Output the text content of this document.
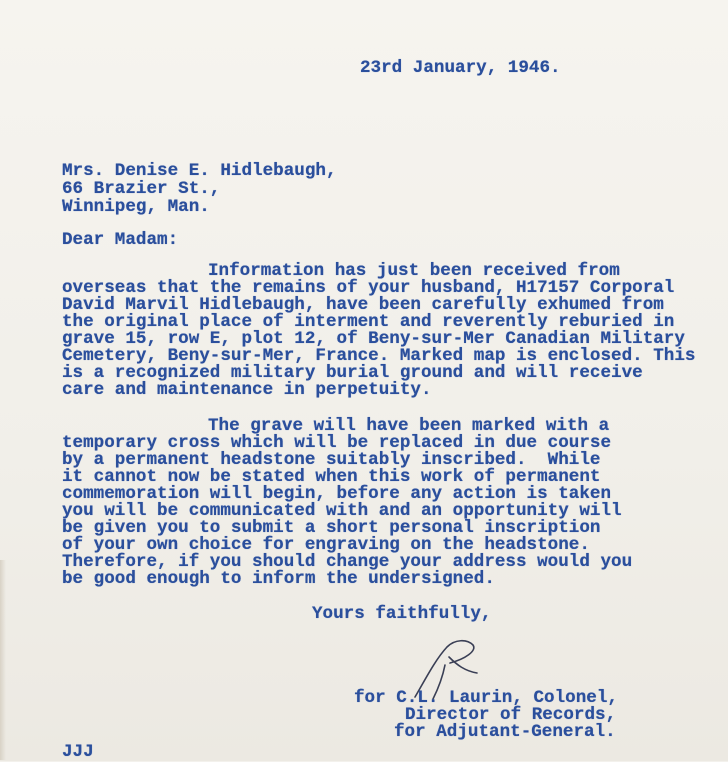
23rd January, 1946.
Mrs. Denise E. Hidlebaugh,
66 Brazier St.,
Winnipeg, Man.
Dear Madam:
Information has just been received from
overseas that the remains of your husband, H17157 Corporal
David Marvil Hidlebaugh, have been carefully exhumed from
the original place of interment and reverently reburied in
grave 15, row E, plot 12, of Beny-sur-Mer Canadian Military
Cemetery, Beny-sur-Mer, France. Marked map is enclosed. This
is a recognized military burial ground and will receive
care and maintenance in perpetuity.
The grave will have been marked with a
temporary cross which will be replaced in due course
by a permanent headstone suitably inscribed.  While
it cannot now be stated when this work of permanent
commemoration will begin, before any action is taken
you will be communicated with and an opportunity will
be given you to submit a short personal inscription
of your own choice for engraving on the headstone.
Therefore, if you should change your address would you
be good enough to inform the undersigned.
Yours faithfully,
for C.L. Laurin, Colonel,
Director of Records,
for Adjutant-General.
JJJ
